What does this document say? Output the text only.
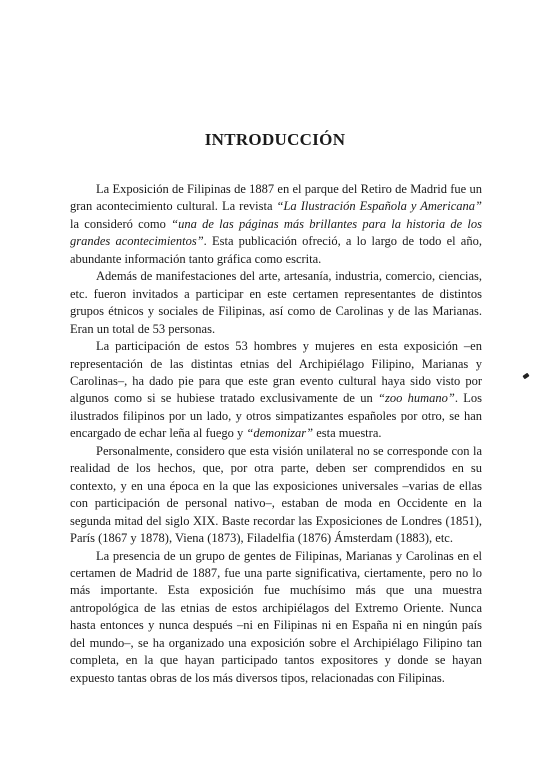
INTRODUCCIÓN

La Exposición de Filipinas de 1887 en el parque del Retiro de Madrid fue un gran acontecimiento cultural. La revista “La Ilustración Española y Americana” la consideró como “una de las páginas más brillantes para la historia de los grandes acontecimientos”. Esta publicación ofreció, a lo largo de todo el año, abundante información tanto gráfica como escrita.

Además de manifestaciones del arte, artesanía, industria, comercio, ciencias, etc. fueron invitados a participar en este certamen representantes de distintos grupos étnicos y sociales de Filipinas, así como de Carolinas y de las Marianas. Eran un total de 53 personas.

La participación de estos 53 hombres y mujeres en esta exposición –en representación de las distintas etnias del Archipiélago Filipino, Marianas y Carolinas–, ha dado pie para que este gran evento cultural haya sido visto por algunos como si se hubiese tratado exclusivamente de un “zoo humano”. Los ilustrados filipinos por un lado, y otros simpatizantes españoles por otro, se han encargado de echar leña al fuego y “demonizar” esta muestra.

Personalmente, considero que esta visión unilateral no se corresponde con la realidad de los hechos, que, por otra parte, deben ser comprendidos en su contexto, y en una época en la que las exposiciones universales –varias de ellas con participación de personal nativo–, estaban de moda en Occidente en la segunda mitad del siglo XIX. Baste recordar las Exposiciones de Londres (1851), París (1867 y 1878), Viena (1873), Filadelfia (1876) Ámsterdam (1883), etc.

La presencia de un grupo de gentes de Filipinas, Marianas y Carolinas en el certamen de Madrid de 1887, fue una parte significativa, ciertamente, pero no lo más importante. Esta exposición fue muchísimo más que una muestra antropológica de las etnias de estos archipiélagos del Extremo Oriente. Nunca hasta entonces y nunca después –ni en Filipinas ni en España ni en ningún país del mundo–, se ha organizado una exposición sobre el Archipiélago Filipino tan completa, en la que hayan participado tantos expositores y donde se hayan expuesto tantas obras de los más diversos tipos, relacionadas con Filipinas.
